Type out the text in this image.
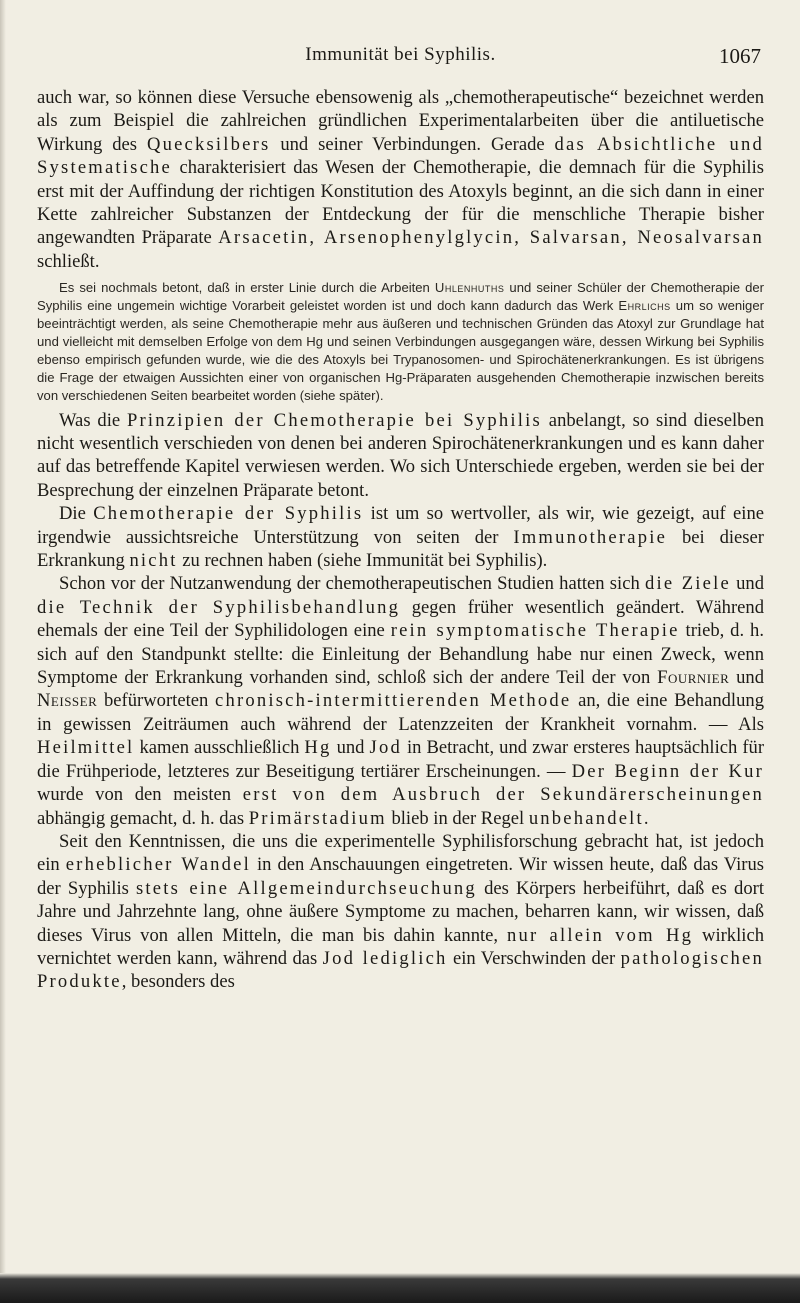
Immunität bei Syphilis.	1067

auch war, so können diese Versuche ebensowenig als „chemotherapeutische“ bezeichnet werden als zum Beispiel die zahlreichen gründlichen Experimentalarbeiten über die antiluetische Wirkung des Quecksilbers und seiner Verbindungen. Gerade das Absichtliche und Systematische charakterisiert das Wesen der Chemotherapie, die demnach für die Syphilis erst mit der Auffindung der richtigen Konstitution des Atoxyls beginnt, an die sich dann in einer Kette zahlreicher Substanzen der Entdeckung der für die menschliche Therapie bisher angewandten Präparate Arsacetin, Arsenophenylglycin, Salvarsan, Neosalvarsan schließt.

Es sei nochmals betont, daß in erster Linie durch die Arbeiten Uhlenhuths und seiner Schüler der Chemotherapie der Syphilis eine ungemein wichtige Vorarbeit geleistet worden ist und doch kann dadurch das Werk Ehrlichs um so weniger beeinträchtigt werden, als seine Chemotherapie mehr aus äußeren und technischen Gründen das Atoxyl zur Grundlage hat und vielleicht mit demselben Erfolge von dem Hg und seinen Verbindungen ausgegangen wäre, dessen Wirkung bei Syphilis ebenso empirisch gefunden wurde, wie die des Atoxyls bei Trypanosomen- und Spirochätenerkrankungen. Es ist übrigens die Frage der etwaigen Aussichten einer von organischen Hg-Präparaten ausgehenden Chemotherapie inzwischen bereits von verschiedenen Seiten bearbeitet worden (siehe später).

Was die Prinzipien der Chemotherapie bei Syphilis anbelangt, so sind dieselben nicht wesentlich verschieden von denen bei anderen Spirochätenerkrankungen und es kann daher auf das betreffende Kapitel verwiesen werden. Wo sich Unterschiede ergeben, werden sie bei der Besprechung der einzelnen Präparate betont.

Die Chemotherapie der Syphilis ist um so wertvoller, als wir, wie gezeigt, auf eine irgendwie aussichtsreiche Unterstützung von seiten der Immunotherapie bei dieser Erkrankung nicht zu rechnen haben (siehe Immunität bei Syphilis).

Schon vor der Nutzanwendung der chemotherapeutischen Studien hatten sich die Ziele und die Technik der Syphilisbehandlung gegen früher wesentlich geändert. Während ehemals der eine Teil der Syphilidologen eine rein symptomatische Therapie trieb, d. h. sich auf den Standpunkt stellte: die Einleitung der Behandlung habe nur einen Zweck, wenn Symptome der Erkrankung vorhanden sind, schloß sich der andere Teil der von Fournier und Neisser befürworteten chronisch-intermittierenden Methode an, die eine Behandlung in gewissen Zeiträumen auch während der Latenzzeiten der Krankheit vornahm. — Als Heilmittel kamen ausschließlich Hg und Jod in Betracht, und zwar ersteres hauptsächlich für die Frühperiode, letzteres zur Beseitigung tertiärer Erscheinungen. — Der Beginn der Kur wurde von den meisten erst von dem Ausbruch der Sekundärerscheinungen abhängig gemacht, d. h. das Primärstadium blieb in der Regel unbehandelt.

Seit den Kenntnissen, die uns die experimentelle Syphilisforschung gebracht hat, ist jedoch ein erheblicher Wandel in den Anschauungen eingetreten. Wir wissen heute, daß das Virus der Syphilis stets eine Allgemeindurchseuchung des Körpers herbeiführt, daß es dort Jahre und Jahrzehnte lang, ohne äußere Symptome zu machen, beharren kann, wir wissen, daß dieses Virus von allen Mitteln, die man bis dahin kannte, nur allein vom Hg wirklich vernichtet werden kann, während das Jod lediglich ein Verschwinden der pathologischen Produkte, besonders des
